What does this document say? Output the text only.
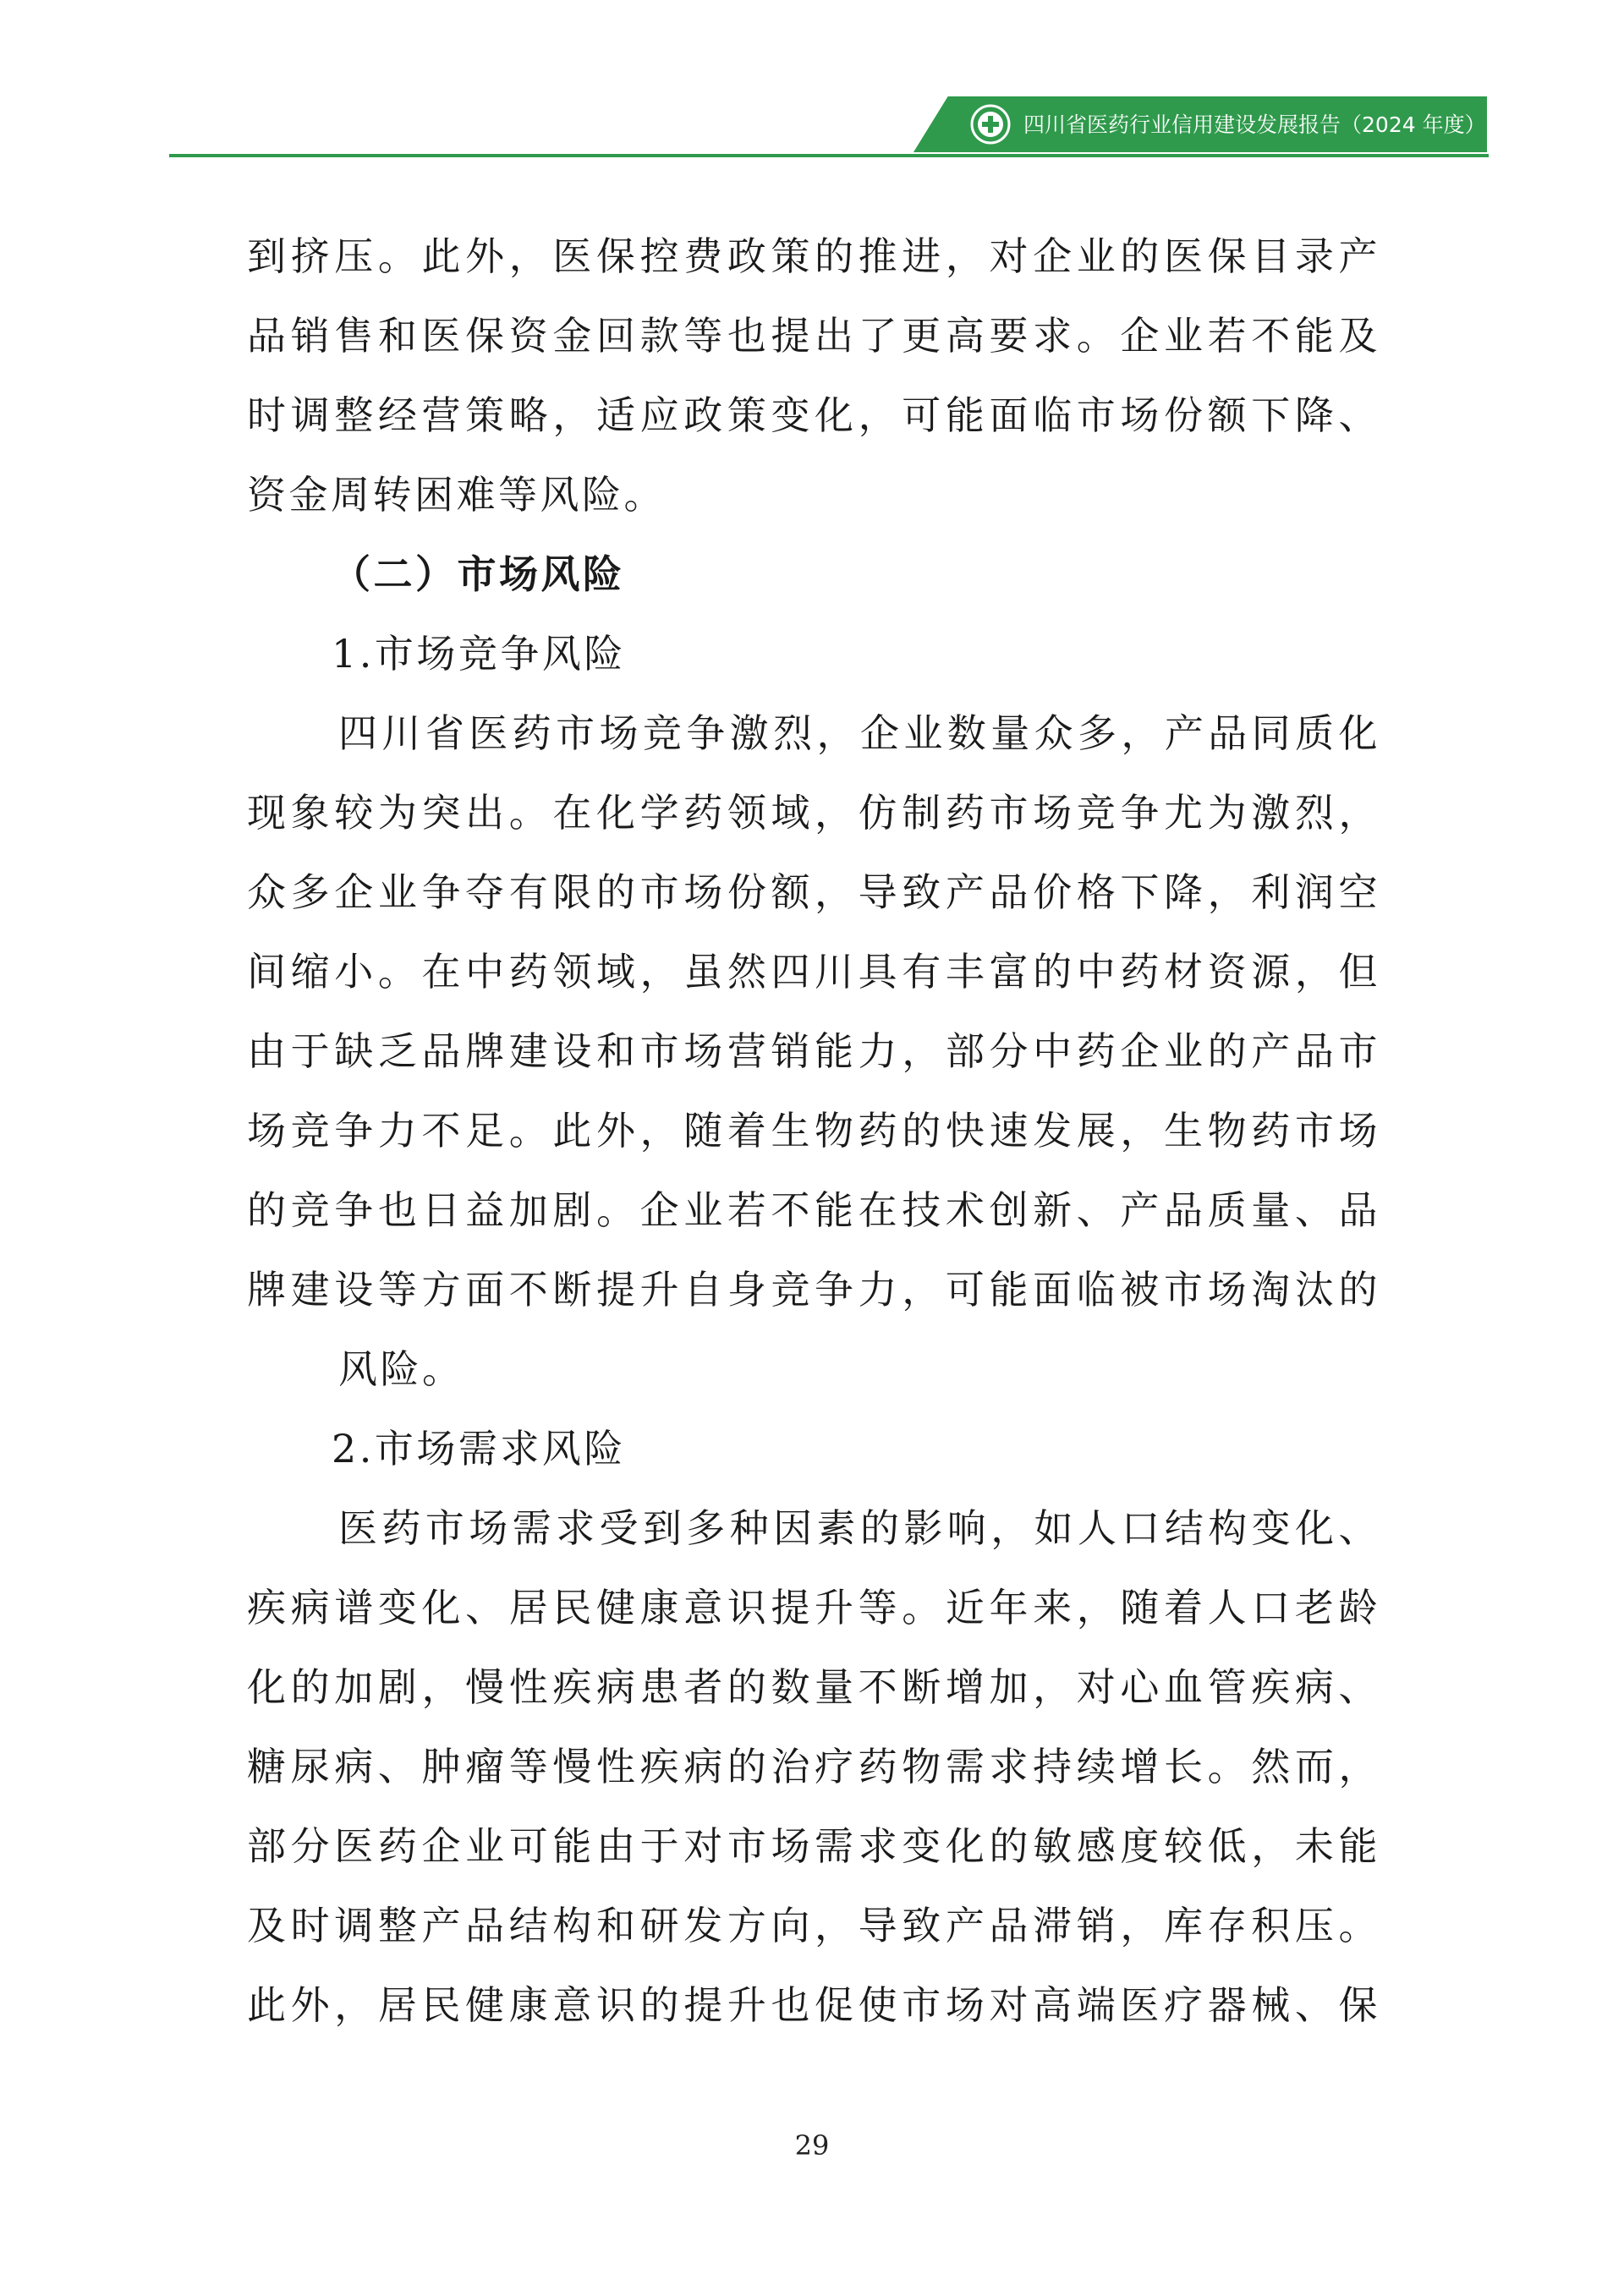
四川省医药行业信用建设发展报告（2024 年度）

到挤压。此外，医保控费政策的推进，对企业的医保目录产 品销售和医保资金回款等也提出了更高要求。企业若不能及 时调整经营策略，适应政策变化，可能面临市场份额下降、
资金周转困难等风险。

（二）市场风险

1.市场竞争风险

四川省医药市场竞争激烈，企业数量众多，产品同质化 现象较为突出。在化学药领域，仿制药市场竞争尤为激烈， 众多企业争夺有限的市场份额，导致产品价格下降，利润空 间缩小。在中药领域，虽然四川具有丰富的中药材资源，但 由于缺乏品牌建设和市场营销能力，部分中药企业的产品市 场竞争力不足。此外，随着生物药的快速发展，生物药市场 的竞争也日益加剧。企业若不能在技术创新、产品质量、品 牌建设等方面不断提升自身竞争力，可能面临被市场淘汰的
风险。

2.市场需求风险

医药市场需求受到多种因素的影响，如人口结构变化、 疾病谱变化、居民健康意识提升等。近年来，随着人口老龄 化的加剧，慢性疾病患者的数量不断增加，对心血管疾病、 糖尿病、肿瘤等慢性疾病的治疗药物需求持续增长。然而， 部分医药企业可能由于对市场需求变化的敏感度较低，未能 及时调整产品结构和研发方向，导致产品滞销，库存积压。 此外，居民健康意识的提升也促使市场对高端医疗器械、保

29
